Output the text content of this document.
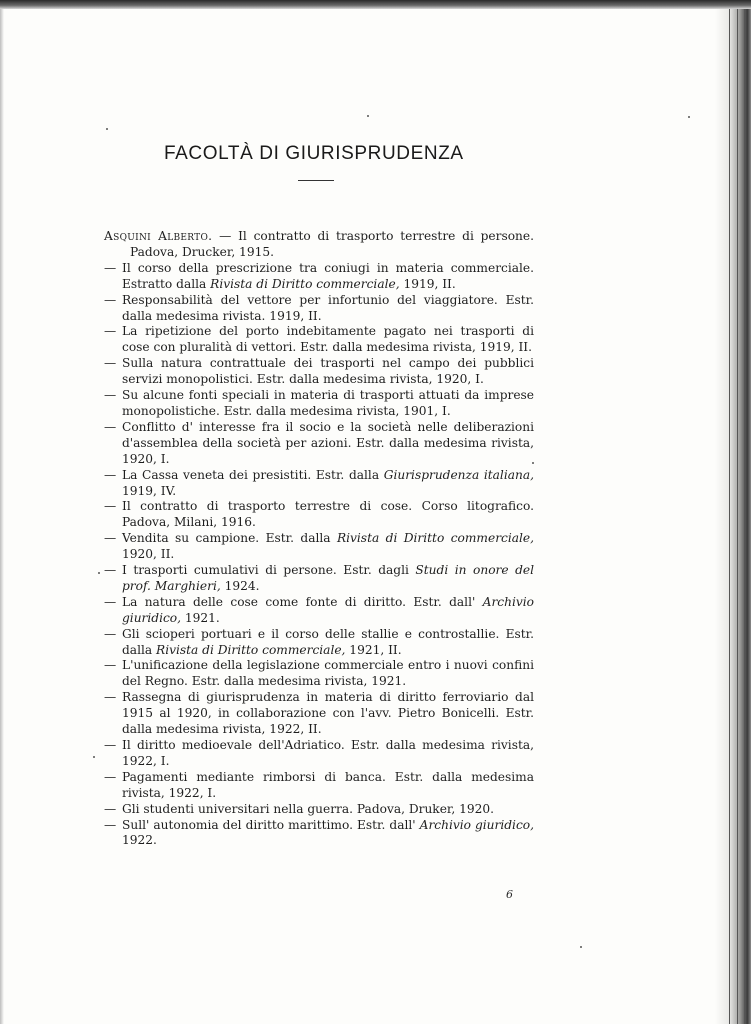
FACOLTÀ DI GIURISPRUDENZA
Asquini Alberto. — Il contratto di trasporto terrestre di persone. Padova, Drucker, 1915.
— Il corso della prescrizione tra coniugi in materia commerciale. Estratto dalla Rivista di Diritto commerciale, 1919, II.
— Responsabilità del vettore per infortunio del viaggiatore. Estr. dalla medesima rivista. 1919, II.
— La ripetizione del porto indebitamente pagato nei trasporti di cose con pluralità di vettori. Estr. dalla medesima rivista, 1919, II.
— Sulla natura contrattuale dei trasporti nel campo dei pubblici servizi monopolistici. Estr. dalla medesima rivista, 1920, I.
— Su alcune fonti speciali in materia di trasporti attuati da imprese monopolistiche. Estr. dalla medesima rivista, 1901, I.
— Conflitto d' interesse fra il socio e la società nelle deliberazioni d'assemblea della società per azioni. Estr. dalla medesima rivista, 1920, I.
— La Cassa veneta dei presistiti. Estr. dalla Giurisprudenza italiana, 1919, IV.
— Il contratto di trasporto terrestre di cose. Corso litografico. Padova, Milani, 1916.
— Vendita su campione. Estr. dalla Rivista di Diritto commerciale, 1920, II.
— I trasporti cumulativi di persone. Estr. dagli Studi in onore del prof. Marghieri, 1924.
— La natura delle cose come fonte di diritto. Estr. dall' Archivio giuridico, 1921.
— Gli scioperi portuari e il corso delle stallie e controstallie. Estr. dalla Rivista di Diritto commerciale, 1921, II.
— L'unificazione della legislazione commerciale entro i nuovi confini del Regno. Estr. dalla medesima rivista, 1921.
— Rassegna di giurisprudenza in materia di diritto ferroviario dal 1915 al 1920, in collaborazione con l'avv. Pietro Bonicelli. Estr. dalla medesima rivista, 1922, II.
— Il diritto medioevale dell'Adriatico. Estr. dalla medesima rivista, 1922, I.
— Pagamenti mediante rimborsi di banca. Estr. dalla medesima rivista, 1922, I.
— Gli studenti universitari nella guerra. Padova, Druker, 1920.
— Sull' autonomia del diritto marittimo. Estr. dall' Archivio giuridico, 1922.
6
